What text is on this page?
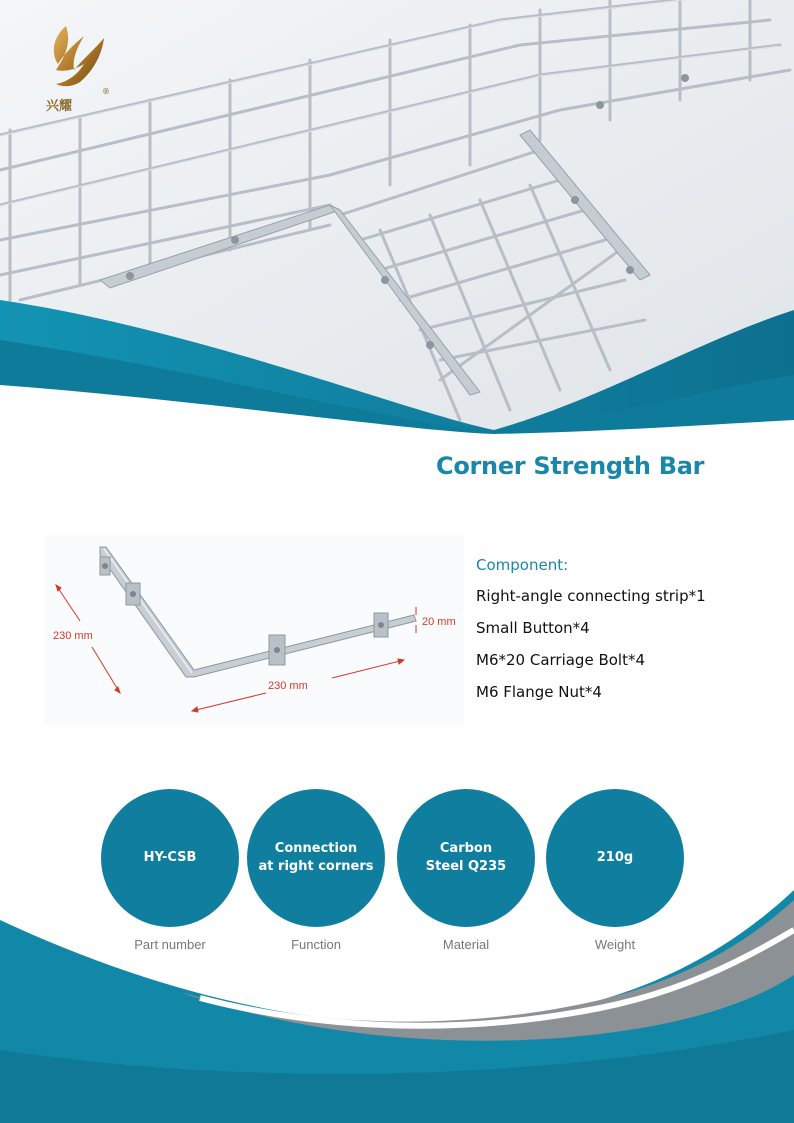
兴耀
®
Corner Strength Bar
230 mm
230 mm
20 mm
Component:
Right-angle connecting strip*1
Small Button*4
M6*20 Carriage Bolt*4
M6 Flange Nut*4
HY-CSB
Part number
Connection
at right corners
Function
Carbon
Steel Q235
Material
210g
Weight
